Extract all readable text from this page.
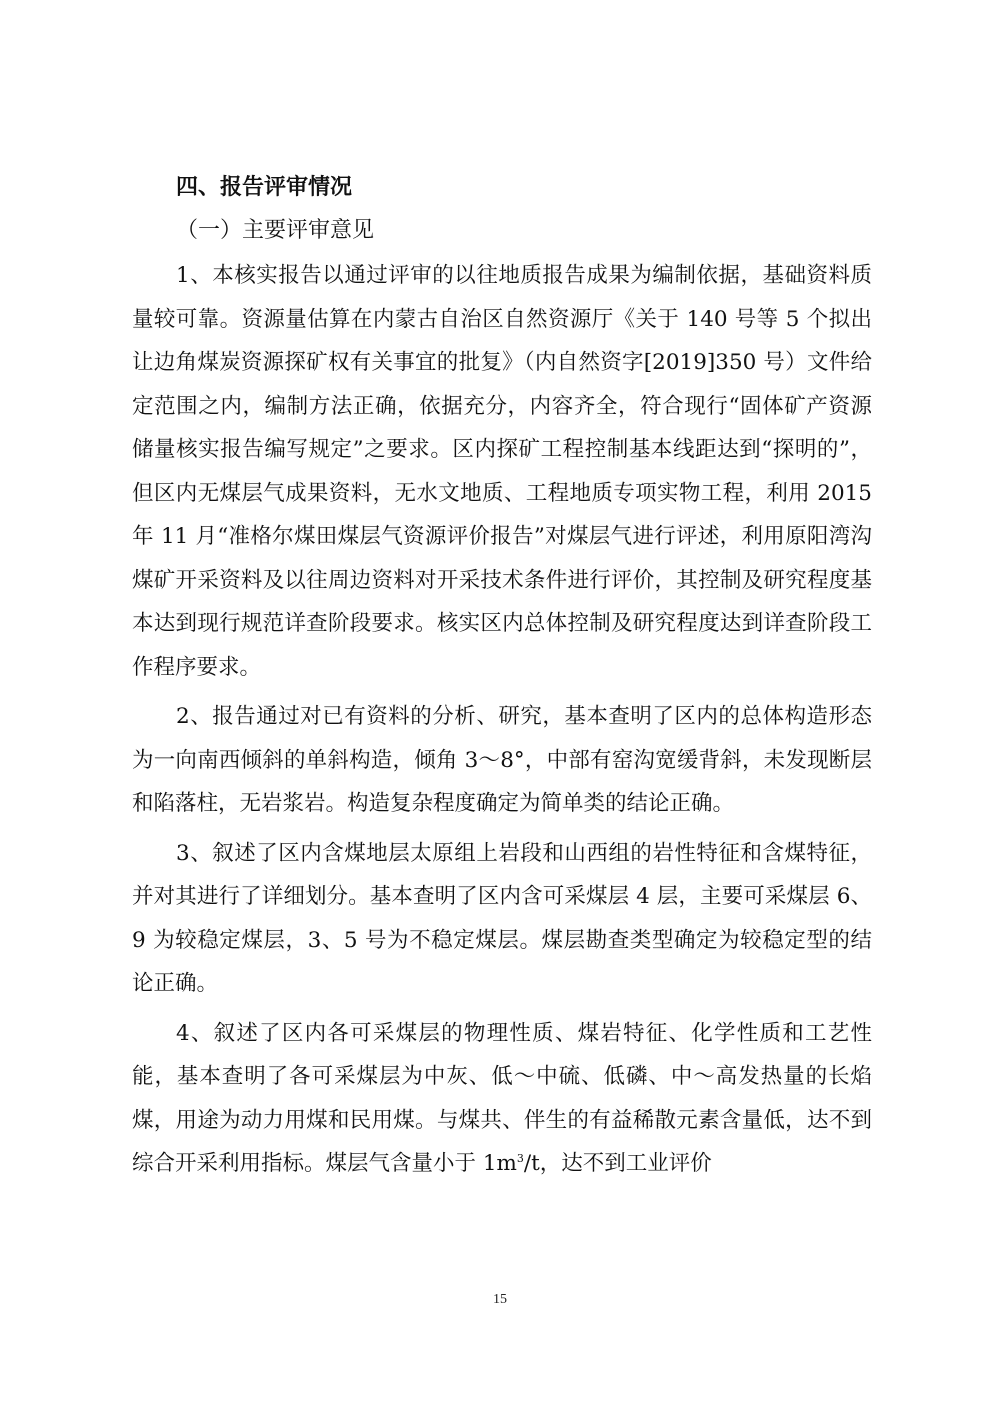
四、报告评审情况
（一）主要评审意见

1、本核实报告以通过评审的以往地质报告成果为编制依据，基础资料质量较可靠。资源量估算在内蒙古自治区自然资源厅《关于 140 号等 5 个拟出让边角煤炭资源探矿权有关事宜的批复》（内自然资字[2019]350 号）文件给定范围之内，编制方法正确，依据充分，内容齐全，符合现行“固体矿产资源储量核实报告编写规定”之要求。区内探矿工程控制基本线距达到“探明的”，但区内无煤层气成果资料，无水文地质、工程地质专项实物工程，利用 2015 年 11 月“准格尔煤田煤层气资源评价报告”对煤层气进行评述，利用原阳湾沟煤矿开采资料及以往周边资料对开采技术条件进行评价，其控制及研究程度基本达到现行规范详查阶段要求。核实区内总体控制及研究程度达到详查阶段工作程序要求。

2、报告通过对已有资料的分析、研究，基本查明了区内的总体构造形态为一向南西倾斜的单斜构造，倾角 3～8°，中部有窑沟宽缓背斜，未发现断层和陷落柱，无岩浆岩。构造复杂程度确定为简单类的结论正确。

3、叙述了区内含煤地层太原组上岩段和山西组的岩性特征和含煤特征，并对其进行了详细划分。基本查明了区内含可采煤层 4 层，主要可采煤层 6、9 为较稳定煤层，3、5 号为不稳定煤层。煤层勘查类型确定为较稳定型的结论正确。

4、叙述了区内各可采煤层的物理性质、煤岩特征、化学性质和工艺性能，基本查明了各可采煤层为中灰、低～中硫、低磷、中～高发热量的长焰煤，用途为动力用煤和民用煤。与煤共、伴生的有益稀散元素含量低，达不到综合开采利用指标。煤层气含量小于 $1m^3/t$，达不到工业评价

15
